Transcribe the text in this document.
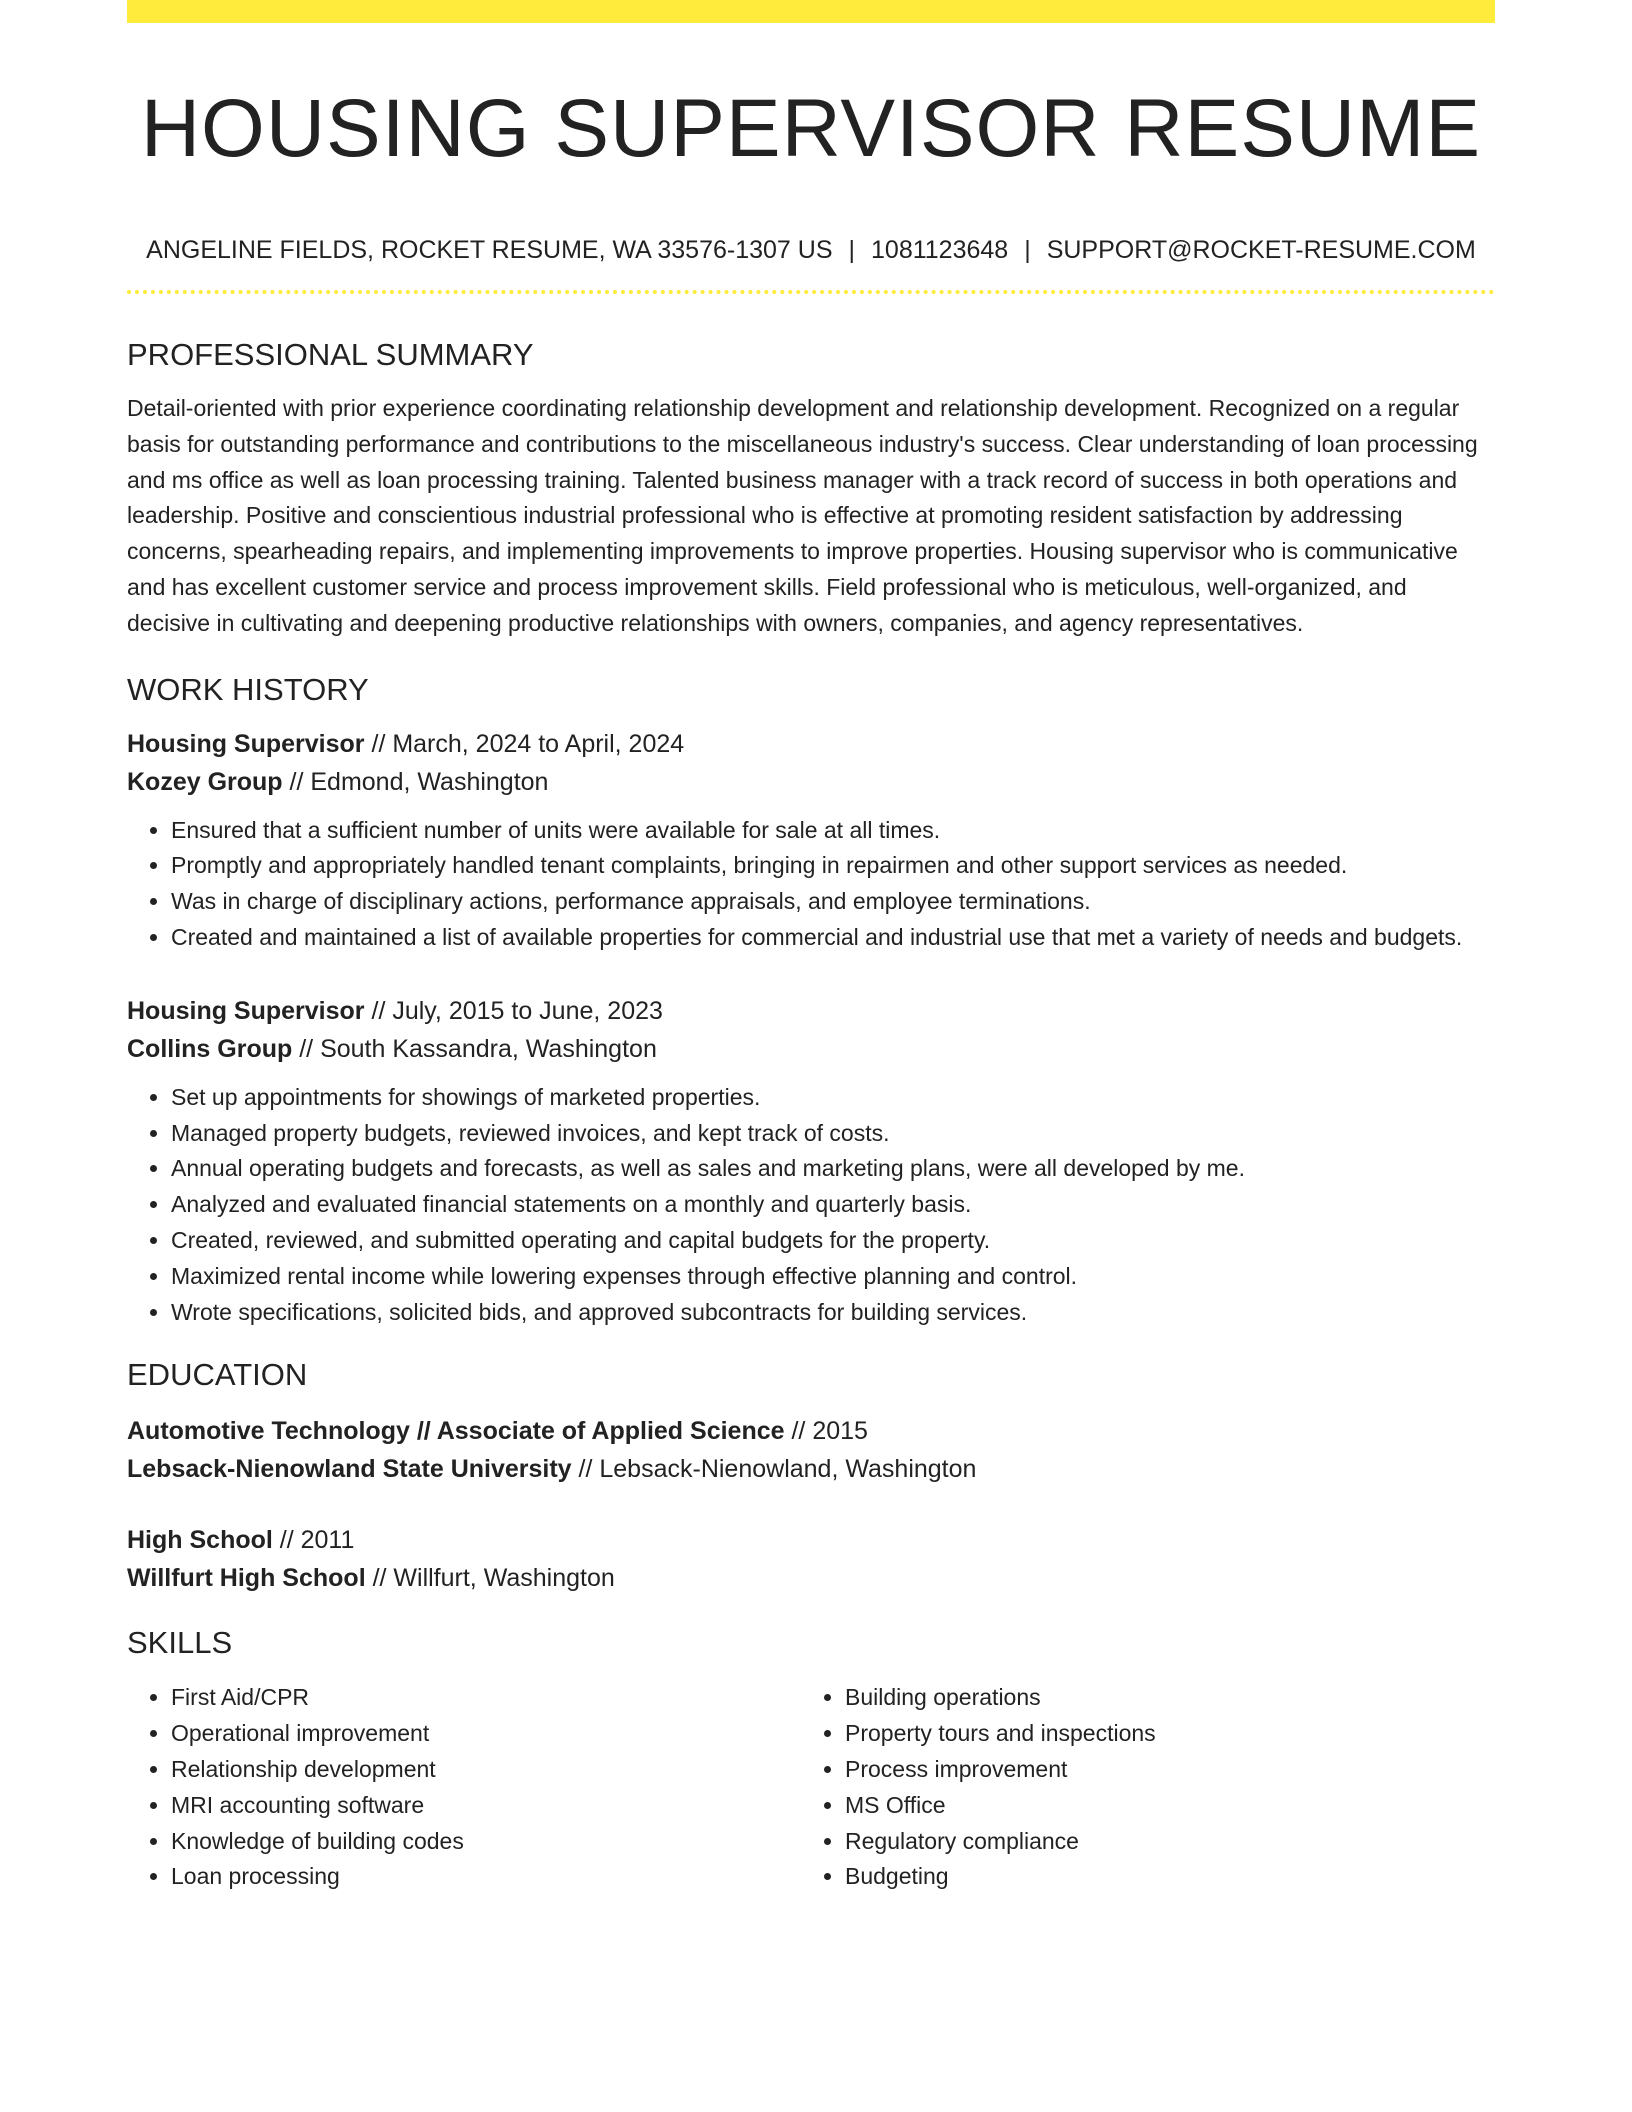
HOUSING SUPERVISOR RESUME
ANGELINE FIELDS, ROCKET RESUME, WA 33576-1307 US | 1081123648 | SUPPORT@ROCKET-RESUME.COM
PROFESSIONAL SUMMARY
Detail-oriented with prior experience coordinating relationship development and relationship development. Recognized on a regular basis for outstanding performance and contributions to the miscellaneous industry's success. Clear understanding of loan processing and ms office as well as loan processing training. Talented business manager with a track record of success in both operations and leadership. Positive and conscientious industrial professional who is effective at promoting resident satisfaction by addressing concerns, spearheading repairs, and implementing improvements to improve properties. Housing supervisor who is communicative and has excellent customer service and process improvement skills. Field professional who is meticulous, well-organized, and decisive in cultivating and deepening productive relationships with owners, companies, and agency representatives.
WORK HISTORY
Housing Supervisor // March, 2024 to April, 2024
Kozey Group // Edmond, Washington
• Ensured that a sufficient number of units were available for sale at all times.
• Promptly and appropriately handled tenant complaints, bringing in repairmen and other support services as needed.
• Was in charge of disciplinary actions, performance appraisals, and employee terminations.
• Created and maintained a list of available properties for commercial and industrial use that met a variety of needs and budgets.
Housing Supervisor // July, 2015 to June, 2023
Collins Group // South Kassandra, Washington
• Set up appointments for showings of marketed properties.
• Managed property budgets, reviewed invoices, and kept track of costs.
• Annual operating budgets and forecasts, as well as sales and marketing plans, were all developed by me.
• Analyzed and evaluated financial statements on a monthly and quarterly basis.
• Created, reviewed, and submitted operating and capital budgets for the property.
• Maximized rental income while lowering expenses through effective planning and control.
• Wrote specifications, solicited bids, and approved subcontracts for building services.
EDUCATION
Automotive Technology // Associate of Applied Science // 2015
Lebsack-Nienowland State University // Lebsack-Nienowland, Washington
High School // 2011
Willfurt High School // Willfurt, Washington
SKILLS
• First Aid/CPR
• Operational improvement
• Relationship development
• MRI accounting software
• Knowledge of building codes
• Loan processing
• Building operations
• Property tours and inspections
• Process improvement
• MS Office
• Regulatory compliance
• Budgeting
